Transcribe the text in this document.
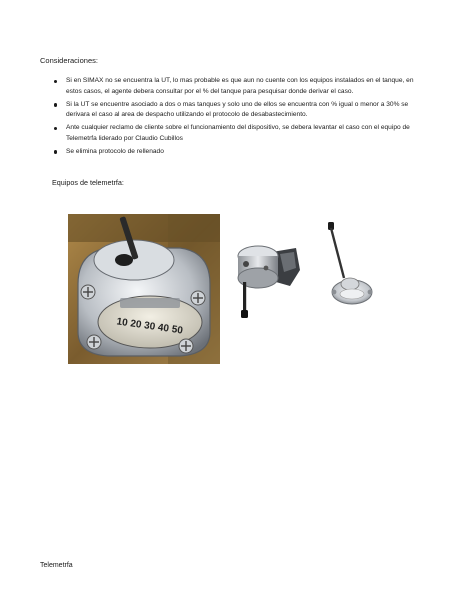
Consideraciones:
Si en SIMAX no se encuentra la UT, lo mas probable es que aun no cuente con los equipos instalados en el tanque, en estos casos, el agente debera consultar por el % del tanque para pesquisar donde derivar el caso.
Si la UT se encuentre asociado a dos o mas tanques y solo uno de ellos se encuentra con % igual o menor a 30% se derivara el caso al area de despacho utilizando el protocolo de desabastecimiento.
Ante cualquier reclamo de cliente sobre el funcionamiento del dispositivo, se debera levantar el caso con el equipo de Telemetrfa liderado por Claudio Cubillos
Se elimina protocolo de rellenado
Equipos de telemetrfa:
10 20 30 40 50
Telemetrfa
